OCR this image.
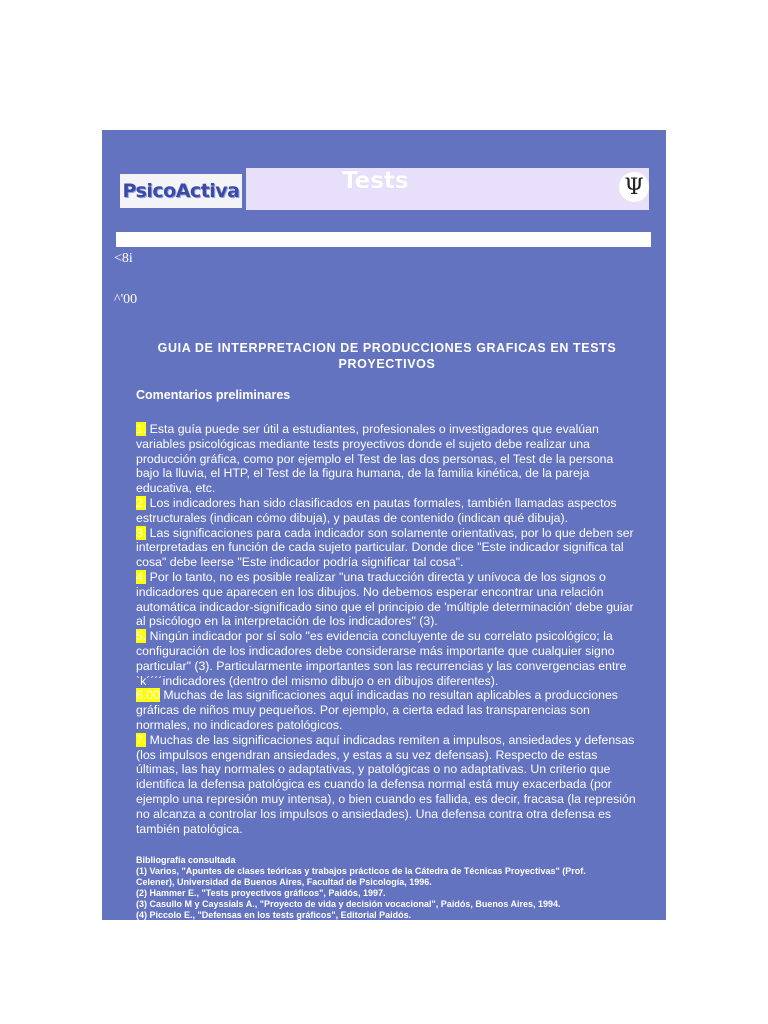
PsicoActiva	Tests	Ψ
<8i
^'00
GUIA DE INTERPRETACION DE PRODUCCIONES GRAFICAS EN TESTS PROYECTIVOS
Comentarios preliminares

1. Esta guía puede ser útil a estudiantes, profesionales o investigadores que evalúan variables psicológicas mediante tests proyectivos donde el sujeto debe realizar una producción gráfica, como por ejemplo el Test de las dos personas, el Test de la persona bajo la lluvia, el HTP, el Test de la figura humana, de la familia kinética, de la pareja educativa, etc.

2. Los indicadores han sido clasificados en pautas formales, también llamadas aspectos estructurales (indican cómo dibuja), y pautas de contenido (indican qué dibuja).

3. Las significaciones para cada indicador son solamente orientativas, por lo que deben ser interpretadas en función de cada sujeto particular. Donde dice "Este indicador significa tal cosa" debe leerse "Este indicador podría significar tal cosa".

4. Por lo tanto, no es posible realizar "una traducción directa y unívoca de los signos o indicadores que aparecen en los dibujos. No debemos esperar encontrar una relación automática indicador-significado sino que el principio de 'múltiple determinación' debe guiar al psicólogo en la interpretación de los indicadores" (3).

5. Ningún indicador por sí solo "es evidencia concluyente de su correlato psicológico; la configuración de los indicadores debe considerarse más importante que cualquier signo particular" (3). Particularmente importantes son las recurrencias y las convergencias entre `k´´´´indicadores (dentro del mismo dibujo o en dibujos diferentes).

6.00 Muchas de las significaciones aquí indicadas no resultan aplicables a producciones gráficas de niños muy pequeños. Por ejemplo, a cierta edad las transparencias son normales, no indicadores patológicos.

7. Muchas de las significaciones aquí indicadas remiten a impulsos, ansiedades y defensas (los impulsos engendran ansiedades, y estas a su vez defensas). Respecto de estas últimas, las hay normales o adaptativas, y patológicas o no adaptativas. Un criterio que identifica la defensa patológica es cuando la defensa normal está muy exacerbada (por ejemplo una represión muy intensa), o bien cuando es fallida, es decir, fracasa (la represión no alcanza a controlar los impulsos o ansiedades). Una defensa contra otra defensa es también patológica.

Bibliografía consultada
(1) Varios, "Apuntes de clases teóricas y trabajos prácticos de la Cátedra de Técnicas Proyectivas" (Prof.
Celener), Universidad de Buenos Aires, Facultad de Psicología, 1996.
(2) Hammer E., "Tests proyectivos gráficos", Paidós, 1997.
(3) Casullo M y Cayssials A., "Proyecto de vida y decisión vocacional", Paidós, Buenos Aires, 1994.
(4) Piccolo E., "Defensas en los tests gráficos", Editorial Paidós.
